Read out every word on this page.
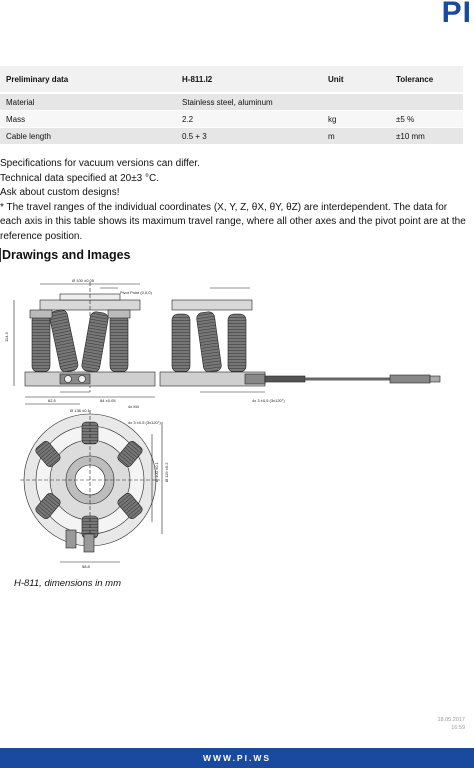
PI
Preliminary data	H-811.I2	Unit	Tolerance
Material	Stainless steel, aluminum		
Mass	2.2	kg	±5 %
Cable length	0.5 + 3	m	±10 mm

Specifications for vacuum versions can differ.

Technical data specified at 20±3 °C.

Ask about custom designs!

* The travel ranges of the individual coordinates (X, Y, Z, θX, θY, θZ) are interdependent. The data for each axis in this table shows its maximum travel range, where all other axes and the pivot point are at the reference position.

Drawings and Images
Ø 100 ±0.05
Pivot Point (0,0,0)
114.3
62.5	84 ±0.05
Ø 136 ±0.1
4x M4
4x 3 ±0.5 (3x120°)
4x 3 ±0.5 (3x120°)
Ø 100 ±0.1 Ø 119 ±0.2
58.8
H-811, dimensions in mm
18.05.2017
16:59
WWW.PI.WS
